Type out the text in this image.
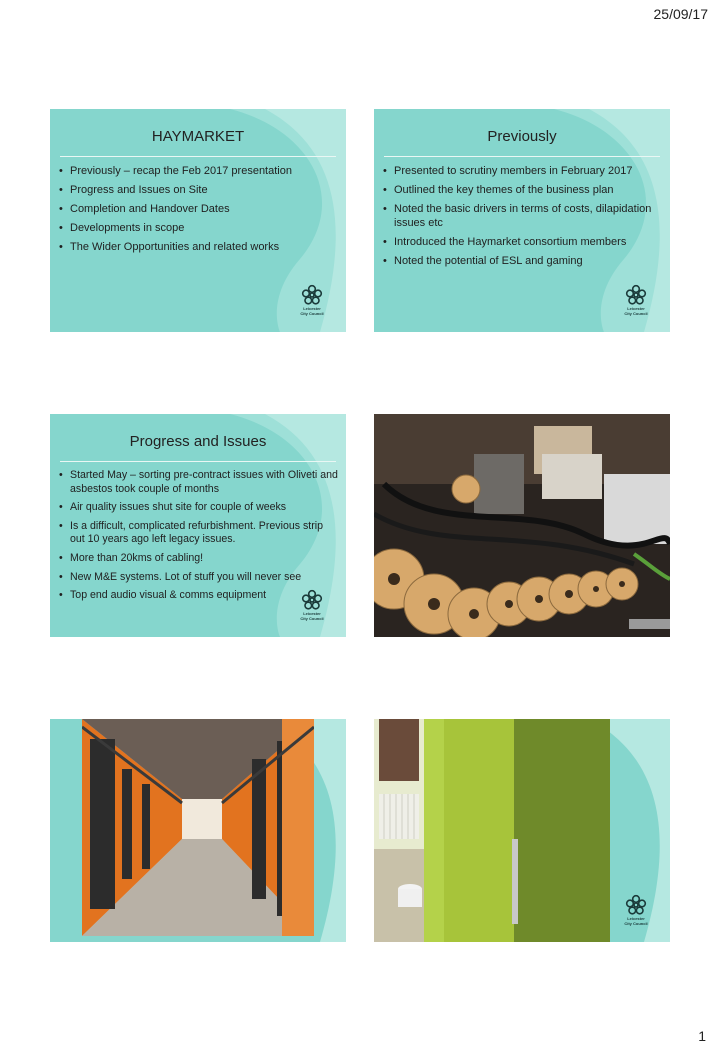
25/09/17
HAYMARKET
• Previously – recap the Feb 2017 presentation
• Progress and Issues on Site
• Completion and Handover Dates
• Developments in scope
• The Wider Opportunities and related works
Leicester
City Council
Previously
• Presented to scrutiny members in February 2017
• Outlined the key themes of the business plan
• Noted the basic drivers in terms of costs, dilapidation issues etc
• Introduced the Haymarket consortium members
• Noted the potential of ESL and gaming
Leicester
City Council
Progress and Issues
• Started May – sorting pre-contract issues with Oliveti and asbestos took couple of months
• Air quality issues shut site for couple of weeks
• Is a difficult, complicated refurbishment. Previous strip out 10 years ago left legacy issues.
• More than 20kms of cabling!
• New M&E systems. Lot of stuff you will never see
• Top end audio visual & comms equipment
Leicester
City Council
Leicester
City Council
1
